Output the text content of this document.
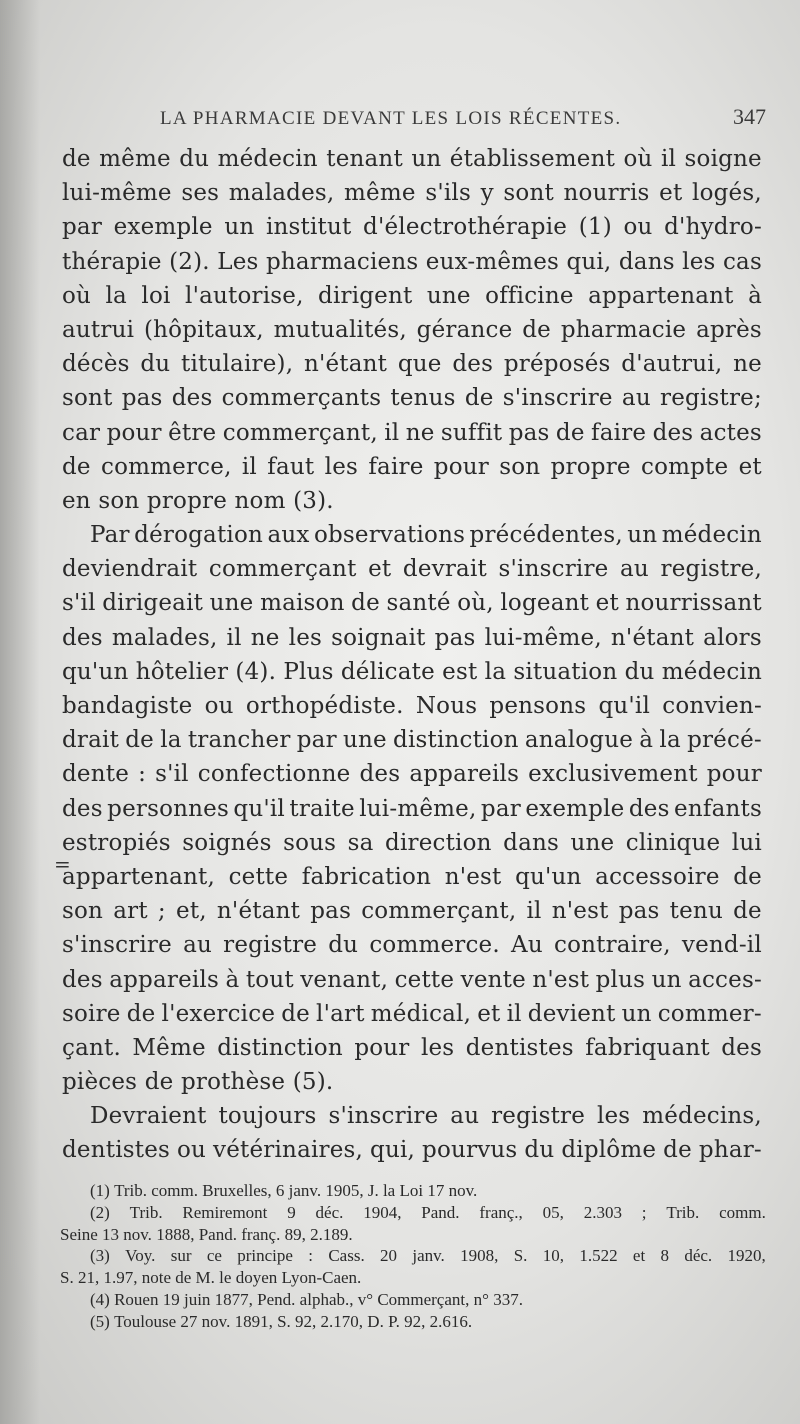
LA PHARMACIE DEVANT LES LOIS RÉCENTES.	347
=
de même du médecin tenant un établissement où il soigne
lui-même ses malades, même s'ils y sont nourris et logés,
par exemple un institut d'électrothérapie (1) ou d'hydro-
thérapie (2). Les pharmaciens eux-mêmes qui, dans les cas
où la loi l'autorise, dirigent une officine appartenant à
autrui (hôpitaux, mutualités, gérance de pharmacie après
décès du titulaire), n'étant que des préposés d'autrui, ne
sont pas des commerçants tenus de s'inscrire au registre;
car pour être commerçant, il ne suffit pas de faire des actes
de commerce, il faut les faire pour son propre compte et
en son propre nom (3).
Par dérogation aux observations précédentes, un médecin
deviendrait commerçant et devrait s'inscrire au registre,
s'il dirigeait une maison de santé où, logeant et nourrissant
des malades, il ne les soignait pas lui-même, n'étant alors
qu'un hôtelier (4). Plus délicate est la situation du médecin
bandagiste ou orthopédiste. Nous pensons qu'il convien-
drait de la trancher par une distinction analogue à la précé-
dente : s'il confectionne des appareils exclusivement pour
des personnes qu'il traite lui-même, par exemple des enfants
estropiés soignés sous sa direction dans une clinique lui
appartenant, cette fabrication n'est qu'un accessoire de
son art ; et, n'étant pas commerçant, il n'est pas tenu de
s'inscrire au registre du commerce. Au contraire, vend-il
des appareils à tout venant, cette vente n'est plus un acces-
soire de l'exercice de l'art médical, et il devient un commer-
çant. Même distinction pour les dentistes fabriquant des
pièces de prothèse (5).
Devraient toujours s'inscrire au registre les médecins,
dentistes ou vétérinaires, qui, pourvus du diplôme de phar-
(1) Trib. comm. Bruxelles, 6 janv. 1905, J. la Loi 17 nov.
(2) Trib. Remiremont 9 déc. 1904, Pand. franç., 05, 2.303 ; Trib. comm.
Seine 13 nov. 1888, Pand. franç. 89, 2.189.
(3) Voy. sur ce principe : Cass. 20 janv. 1908, S. 10, 1.522 et 8 déc. 1920,
S. 21, 1.97, note de M. le doyen Lyon-Caen.
(4) Rouen 19 juin 1877, Pend. alphab., v° Commerçant, n° 337.
(5) Toulouse 27 nov. 1891, S. 92, 2.170, D. P. 92, 2.616.
